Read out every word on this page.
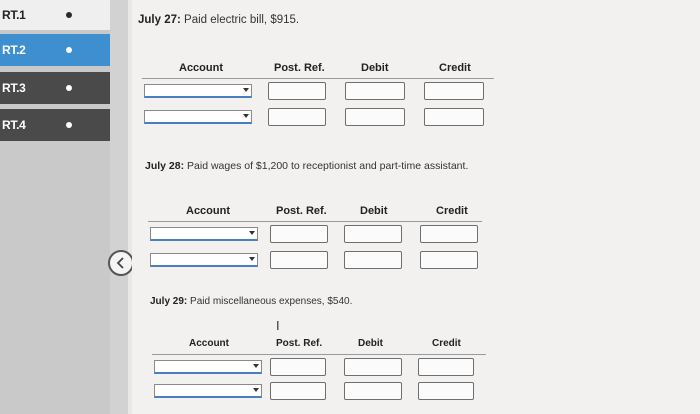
RT.1
RT.2
RT.3
RT.4
July 27: Paid electric bill, $915.
Account	Post. Ref.	Debit	Credit
July 28: Paid wages of $1,200 to receptionist and part-time assistant.
Account	Post. Ref.	Debit	Credit
July 29: Paid miscellaneous expenses, $540.
Account	Post. Ref.	Debit	Credit
I
